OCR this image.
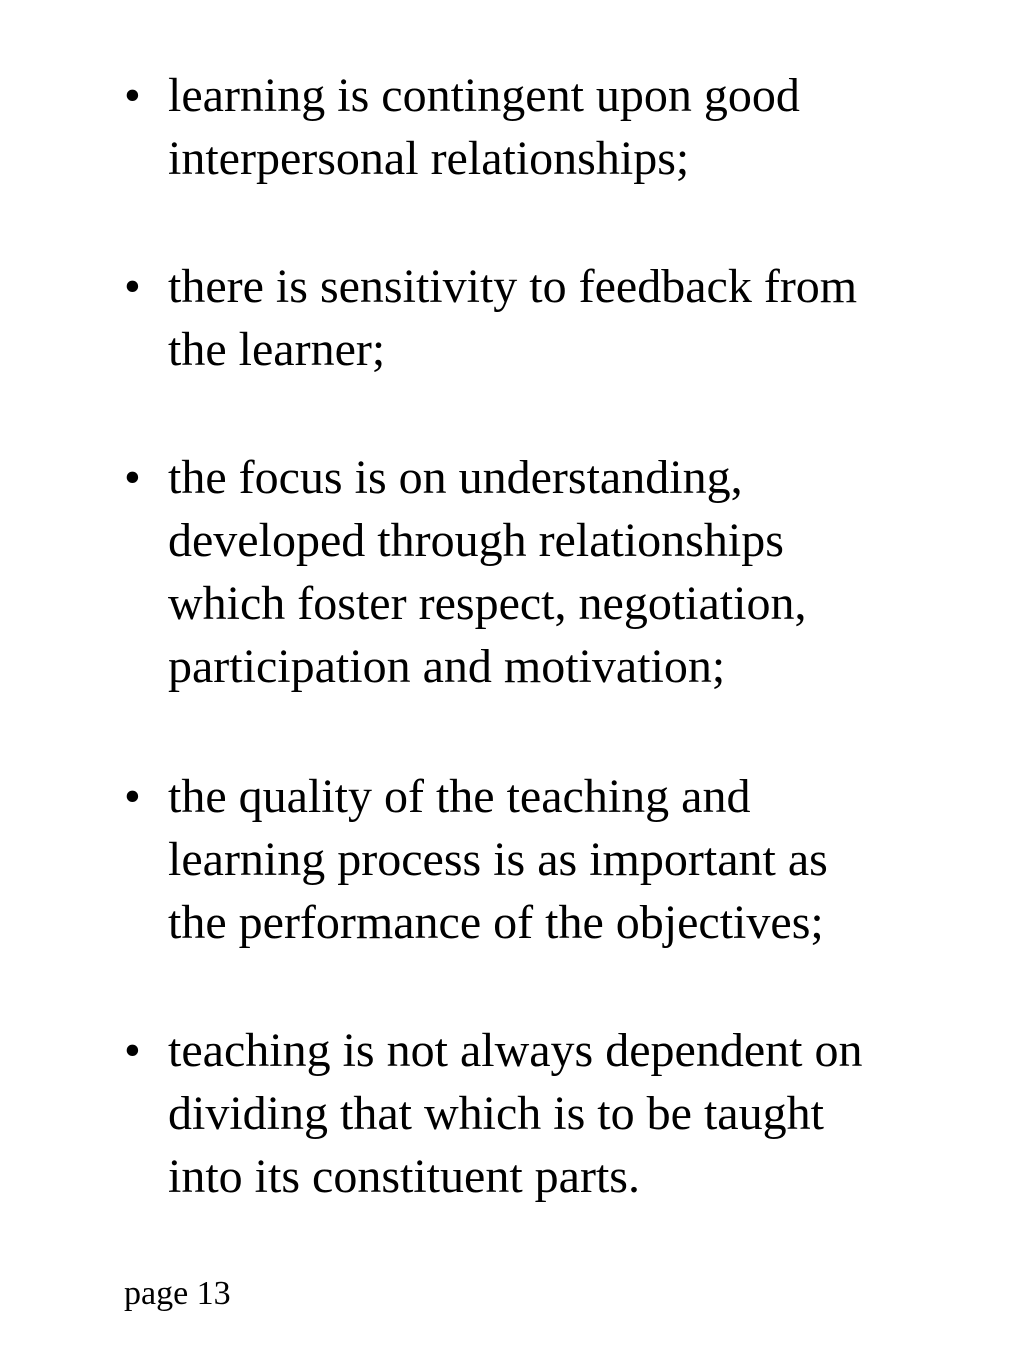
• learning is contingent upon good
interpersonal relationships;
• there is sensitivity to feedback from
the learner;
• the focus is on understanding,
developed through relationships
which foster respect, negotiation,
participation and motivation;
• the quality of the teaching and
learning process is as important as
the performance of the objectives;
• teaching is not always dependent on
dividing that which is to be taught
into its constituent parts.
page 13
